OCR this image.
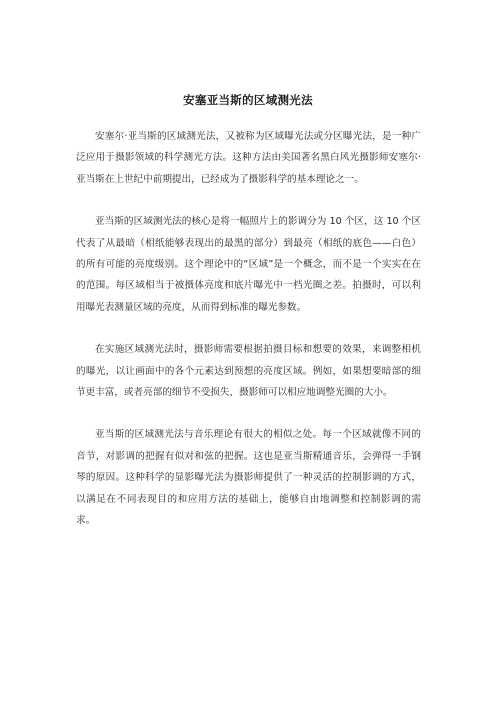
安塞亚当斯的区域测光法

安塞尔·亚当斯的区域测光法，又被称为区域曝光法或分区曝光法，是一种广泛应用于摄影领域的科学测光方法。这种方法由美国著名黑白风光摄影师安塞尔·亚当斯在上世纪中前期提出，已经成为了摄影科学的基本理论之一。

亚当斯的区域测光法的核心是将一幅照片上的影调分为 10 个区，这 10 个区代表了从最暗（相纸能够表现出的最黑的部分）到最亮（相纸的底色——白色）的所有可能的亮度级别。这个理论中的“区域”是一个概念，而不是一个实实在在的范围。每区域相当于被摄体亮度和底片曝光中一档光圈之差。拍摄时，可以利用曝光表测量区域的亮度，从而得到标准的曝光参数。

在实施区域测光法时，摄影师需要根据拍摄目标和想要的效果，来调整相机的曝光，以让画面中的各个元素达到预想的亮度区域。例如，如果想要暗部的细节更丰富，或者亮部的细节不受损失，摄影师可以相应地调整光圈的大小。

亚当斯的区域测光法与音乐理论有很大的相似之处。每一个区域就像不同的音节，对影调的把握有似对和弦的把握。这也是亚当斯精通音乐，会弹得一手钢琴的原因。这种科学的显影曝光法为摄影师提供了一种灵活的控制影调的方式，以满足在不同表现目的和应用方法的基础上，能够自由地调整和控制影调的需求。
